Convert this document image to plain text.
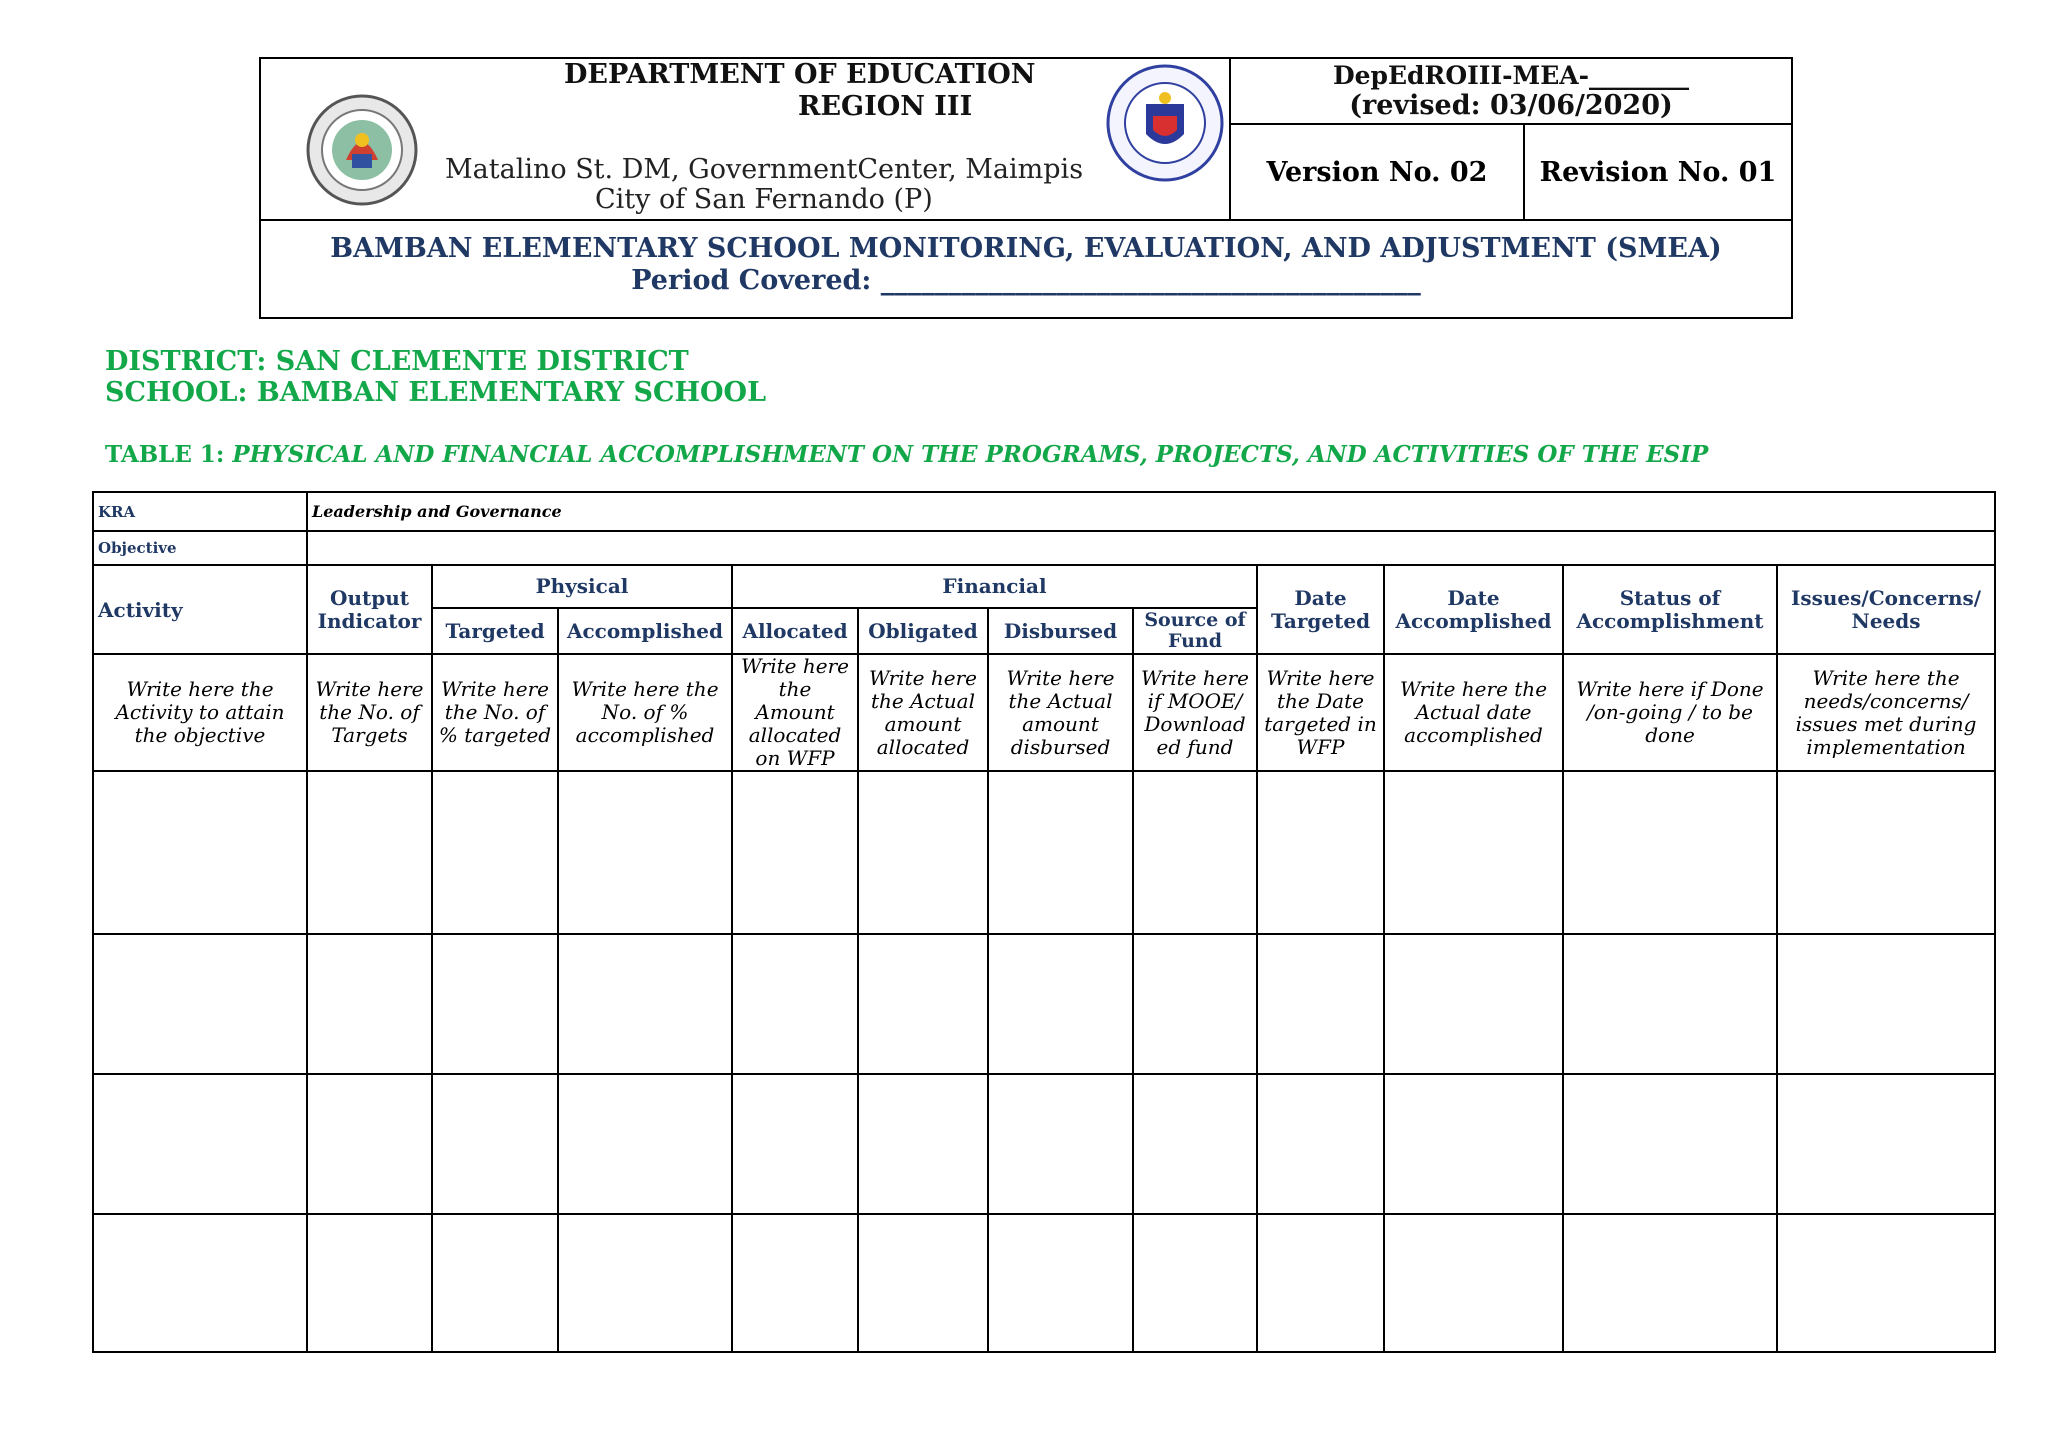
DEPARTMENT OF EDUCATION
REGION III
Matalino St. DM, GovernmentCenter, Maimpis
City of San Fernando (P)
DepEdROIII-MEA-________
(revised: 03/06/2020)
Version No. 02	Revision No. 01
BAMBAN ELEMENTARY SCHOOL MONITORING, EVALUATION, AND ADJUSTMENT (SMEA)
Period Covered: ________________________________________
DISTRICT: SAN CLEMENTE DISTRICT
SCHOOL: BAMBAN ELEMENTARY SCHOOL
TABLE 1: PHYSICAL AND FINANCIAL ACCOMPLISHMENT ON THE PROGRAMS, PROJECTS, AND ACTIVITIES OF THE ESIP
KRA	Leadership and Governance										
Objective											
Activity	Output Indicator	Physical		Financial				Date Targeted	Date Accomplished	Status of Accomplishment	Issues/Concerns/ Needs
		Targeted	Accomplished	Allocated	Obligated	Disbursed	Source of Fund				
Write here the Activity to attain the objective	Write here the No. of Targets	Write here the No. of % targeted	Write here the No. of % accomplished	Write here the Amount allocated on WFP	Write here the Actual amount allocated	Write here the Actual amount disbursed	Write here if MOOE/ Download ed fund	Write here the Date targeted in WFP	Write here the Actual date accomplished	Write here if Done /on-going / to be done	Write here the needs/concerns/ issues met during implementation
